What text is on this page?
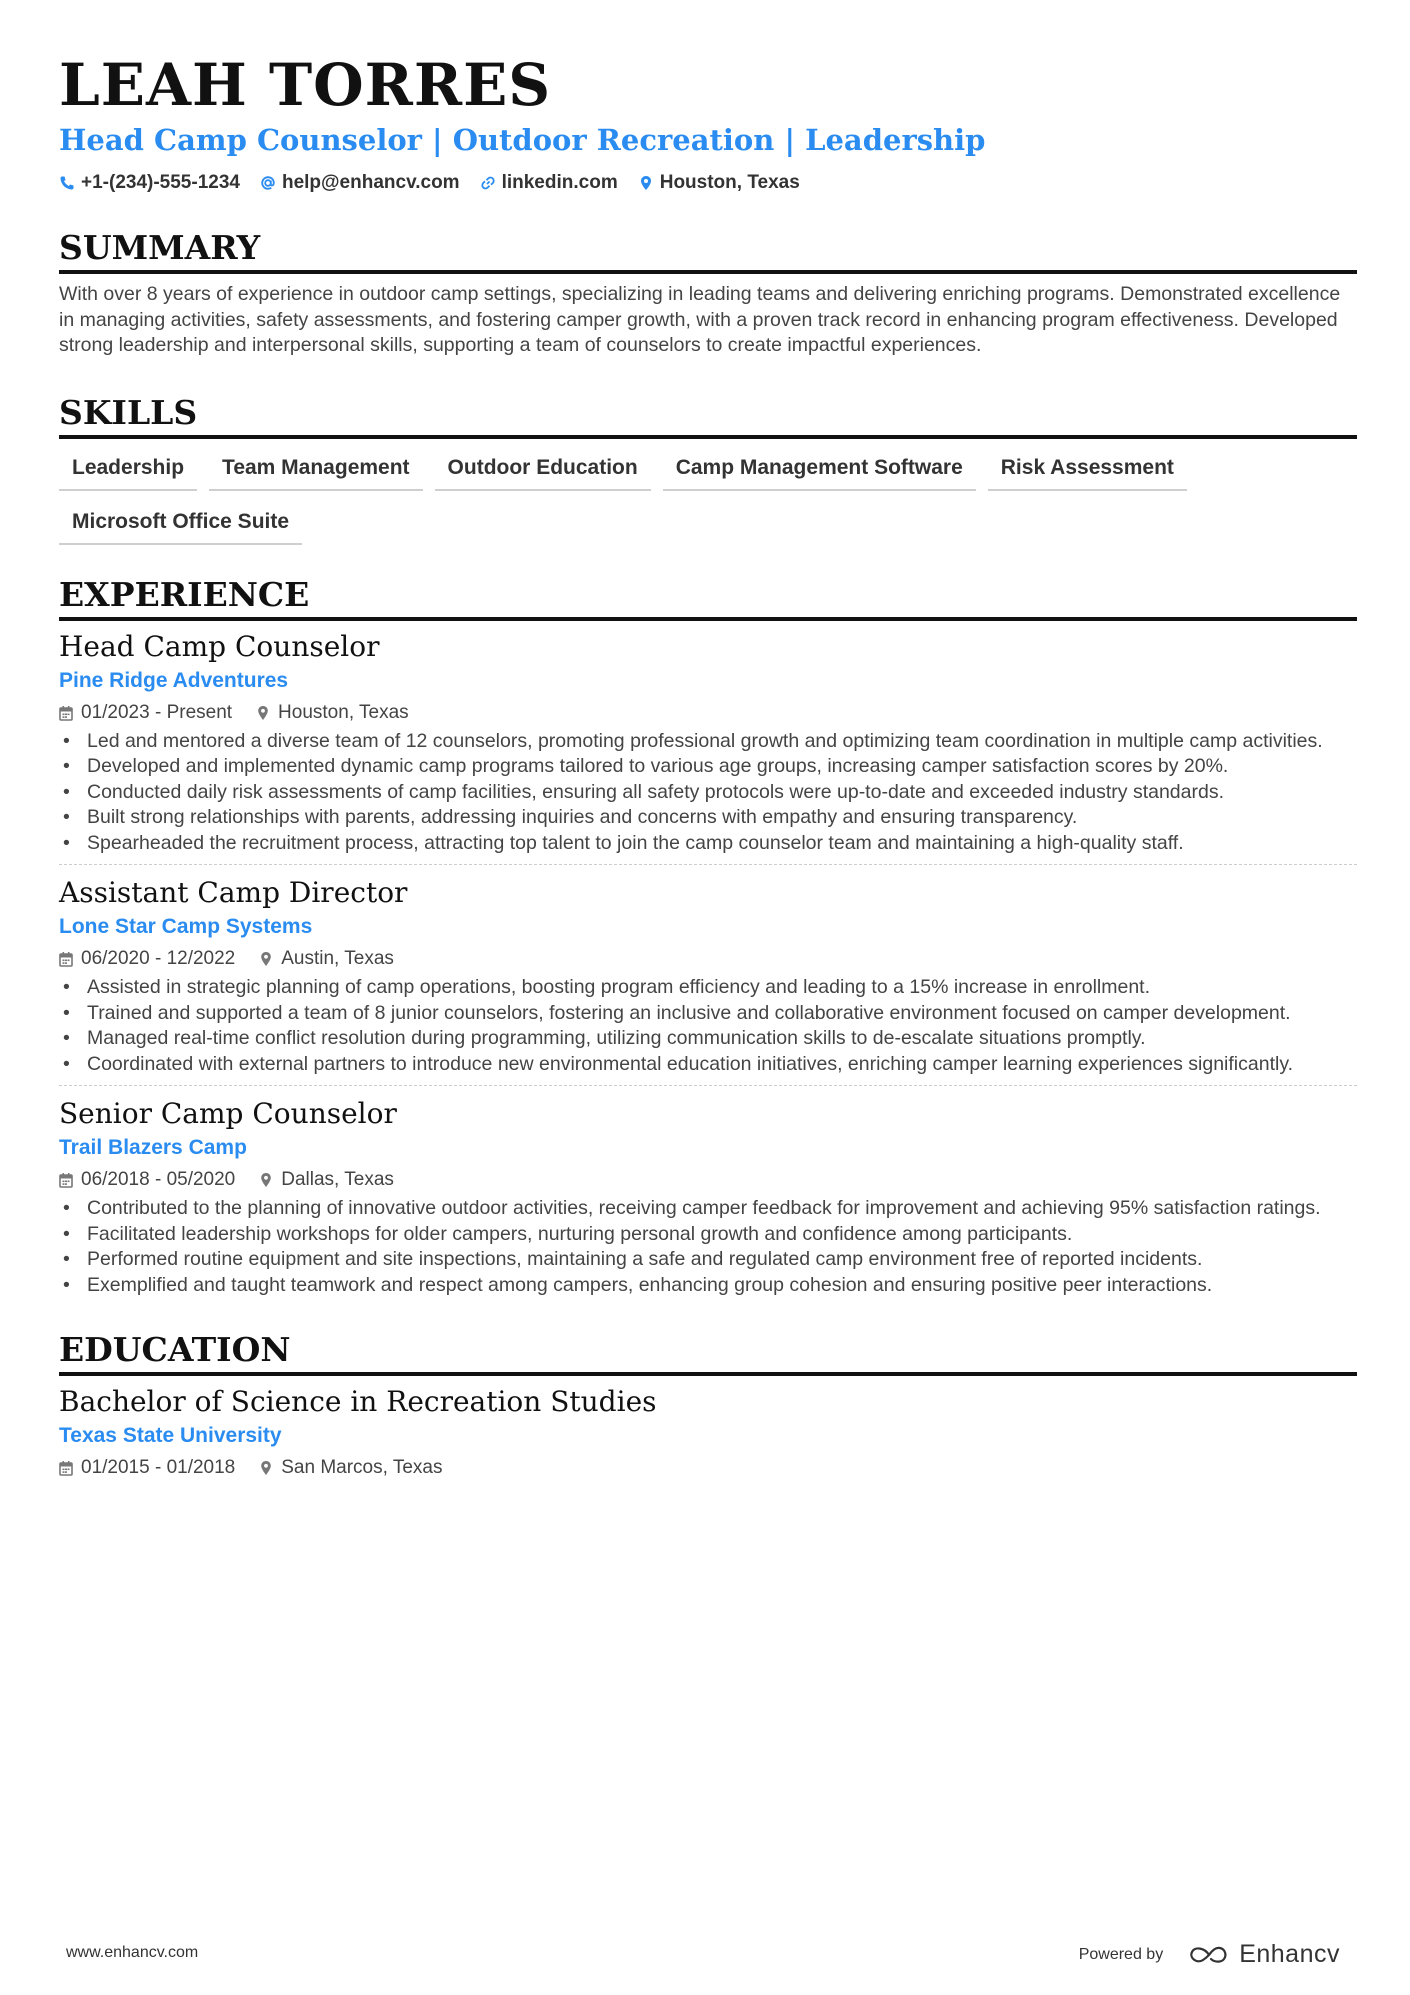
LEAH TORRES
Head Camp Counselor | Outdoor Recreation | Leadership
+1-(234)-555-1234 help@enhancv.com linkedin.com Houston, Texas
SUMMARY
With over 8 years of experience in outdoor camp settings, specializing in leading teams and delivering enriching programs. Demonstrated excellence in managing activities, safety assessments, and fostering camper growth, with a proven track record in enhancing program effectiveness. Developed strong leadership and interpersonal skills, supporting a team of counselors to create impactful experiences.
SKILLS
Leadership	Team Management	Outdoor Education	Camp Management Software	Risk Assessment
Microsoft Office Suite
EXPERIENCE
Head Camp Counselor
Pine Ridge Adventures
01/2023 - Present Houston, Texas
• Led and mentored a diverse team of 12 counselors, promoting professional growth and optimizing team coordination in multiple camp activities.
• Developed and implemented dynamic camp programs tailored to various age groups, increasing camper satisfaction scores by 20%.
• Conducted daily risk assessments of camp facilities, ensuring all safety protocols were up-to-date and exceeded industry standards.
• Built strong relationships with parents, addressing inquiries and concerns with empathy and ensuring transparency.
• Spearheaded the recruitment process, attracting top talent to join the camp counselor team and maintaining a high-quality staff.
Assistant Camp Director
Lone Star Camp Systems
06/2020 - 12/2022 Austin, Texas
• Assisted in strategic planning of camp operations, boosting program efficiency and leading to a 15% increase in enrollment.
• Trained and supported a team of 8 junior counselors, fostering an inclusive and collaborative environment focused on camper development.
• Managed real-time conflict resolution during programming, utilizing communication skills to de-escalate situations promptly.
• Coordinated with external partners to introduce new environmental education initiatives, enriching camper learning experiences significantly.
Senior Camp Counselor
Trail Blazers Camp
06/2018 - 05/2020 Dallas, Texas
• Contributed to the planning of innovative outdoor activities, receiving camper feedback for improvement and achieving 95% satisfaction ratings.
• Facilitated leadership workshops for older campers, nurturing personal growth and confidence among participants.
• Performed routine equipment and site inspections, maintaining a safe and regulated camp environment free of reported incidents.
• Exemplified and taught teamwork and respect among campers, enhancing group cohesion and ensuring positive peer interactions.
EDUCATION
Bachelor of Science in Recreation Studies
Texas State University
01/2015 - 01/2018 San Marcos, Texas
www.enhancv.com	Powered by	Enhancv
